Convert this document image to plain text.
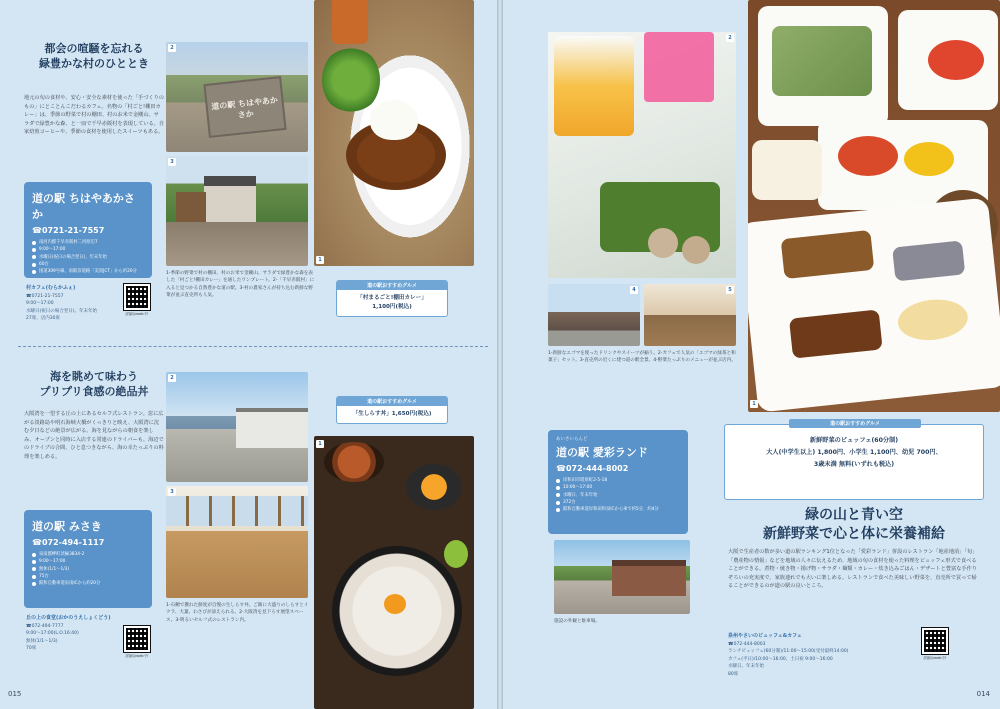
都会の喧騒を忘れる
緑豊かな村のひととき
地元の旬の食材や、安心・安全な素材を使った「手づくりのもの」にとことんこだわるカフェ。名物の「村ごと!棚田カレー」は、季節の野菜で村の棚田、村のお米で金剛山。サラダで緑豊かな森、と一皿で千早赤阪村を表現している。自家焙煎コーヒーや、季節の食材を使用したスイーツもある。
道の駅 ちはやあかさか
☎0721-21-7557
南河内郡千早赤阪村二河原辺7
9:00〜17:00
水曜日(祝日の場合翌日)、年末年始
60台
国道309号線、南阪奈道路「美原JCT」から約20分
村カフェ(むらかふぇ)
☎0721-21-7557
9:00〜17:00
水曜日(祝日の場合翌日)、年末年始
27席、店内30席
詳細はwebで!
道の駅 ちはやあかさか
2
3
1
1-季節の野菜で村の棚田、村のお米で金剛山、サラダで緑豊かな森を表した「村ごと!棚田カレー」を通したワンプレート。2-「千早赤阪村」に入ると見つかる自然豊かな道の駅。3-村の農家さんが持ち込む新鮮な野菜が並ぶ直売所も人気。
道の駅おすすめグルメ
「村まるごと!棚田カレー」
1,100円(税込)
海を眺めて味わう
プリプリ食感の絶品丼
大阪湾を一望する丘の上にあるセルフ式レストラン。窓に広がる淡路島や明石海峡大橋がくっきりと映え、大阪湾に沈む夕日などの絶景が広がる。海を見ながらの朝食を楽しみ、オープンと同時に入店する常連のドライバーも。海辺でのドライブの合間、ひと息つきながら、海の幸たっぷりの料理を楽しめる。
道の駅 みさき
☎072-494-1117
泉南郡岬町淡輪3834-2
9:00〜17:00
無休(1/1〜1/3)
75台
阪和自動車道泉南ICから約20分
丘の上の食堂(おかのうえしょくどう)
☎072-494-7777
9:00〜17:00(L.O.16:40)
無休(1/1〜1/3)
70席
詳細はwebで!
2
3
1
1-石鯛で獲れた鮮度が自慢の生しらす丼。ご飯に大盛りのしらすとイクラ、大葉、わさびが添えられる。2-大阪湾を見下ろす展望スペース。3-明るいセルフ式のレストラン内。
道の駅おすすめグルメ
「生しらす丼」1,650円(税込)
015
2
4	5
1-新鮮なエゴマを使ったドリンクやスイーツが揃う。2-カフェで人気の「エゴマの緑茶と和菓子」セット。3-直売所の近くに建つ道の駅全景。4-野菜たっぷりのメニューが並ぶ店内。
あいさいらんど
道の駅 愛彩ランド
☎072-444-8002
岸和田市塔原町2-5-18
10:00〜17:00
水曜日、年末年始
372台
阪和自動車道岸和田和泉ICから車で約5分、約4分
施設の外観と駐車場。
1
道の駅おすすめグルメ
新鮮野菜のビュッフェ(60分制)
大人(中学生以上) 1,800円、小学生 1,100円、幼児 700円、
3歳未満 無料(いずれも税込)
緑の山と青い空
新鮮野菜で心と体に栄養補給
大阪で生産者の数が多い道の駅ランキング1位となった「愛彩ランド」併設のレストラン「地産地消」「旬」「農産物の情報」などを地域の人々に伝えるため、地域の旬の食材を使った料理をビュッフェ形式で食べることができる。煮物・焼き物・揚げ物・サラダ・麺類・カレー・炊き込みごはん・デザートと豊富な手作りぞろいの充実度で、家族連れでも大いに楽しめる。レストランで食べた美味しい野菜を、直売所で買って帰ることができるのが道の駅の良いところ。
泉州やさいのビュッフェ&カフェ
☎072-444-8003
ランチビュッフェ(60分制)/11:00〜15:00(受付最終14:00)
カフェ(平日)/10:00〜16:00、土日祝 9:00〜16:00
水曜日、年末年始
80席
詳細はwebで!
014
